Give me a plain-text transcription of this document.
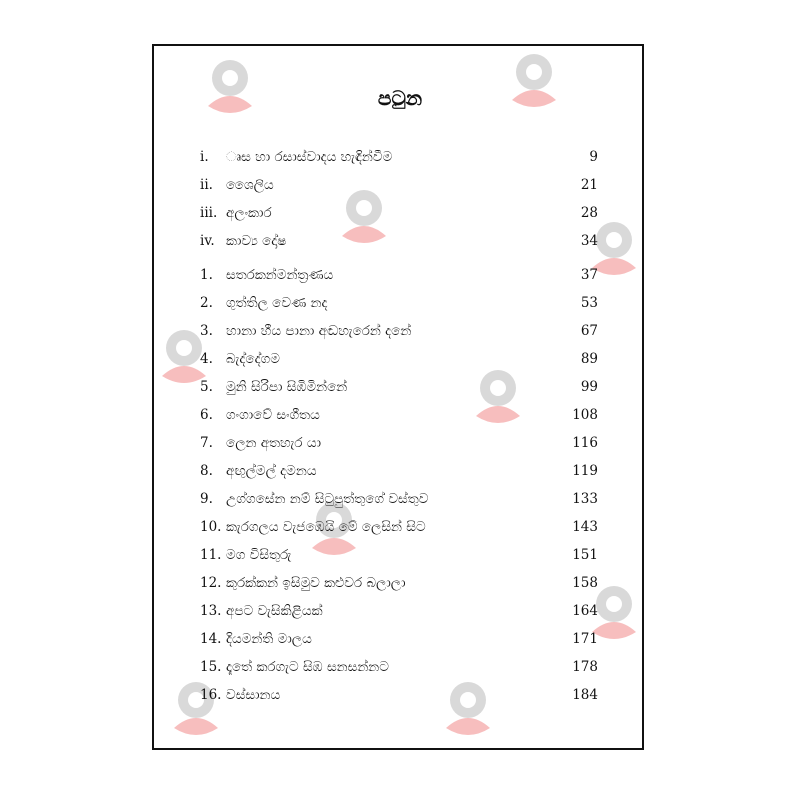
පටුන
i.	ෘස හා රසාස්වාදය හැඳින්වීම	9
ii. ශෛලිය	21
iii. අලංකාර	28
iv. කාව්‍ය දෝෂ	34
1. සතරකන්මන්ත්‍රණය	37
2. ගුත්තිල වෙණ නද	53
3. හානා හීය පානා අඬහැරෙන් දනේ	67
4. බැද්දේගම	89
5. මුනි සිරිපා සිඹිමින්නේ	99
6. ගංගාවේ සංගීතය	108
7. ලෙන අතහැර යා	116
8. අඟුල්මල් දමනය	119
9. උග්ගසේන නම් සිටුපුත්තුගේ වස්තුව	133
10. කැරගලය වැජඹෙයි මේ ලෙසින් සිට	143
11. මග විසිතුරු	151
12. කුරක්කන් ඉසිමුව කළුවර බලාලා	158
13. අපට වැසිකිළියක්	164
14. දියමන්ති මාලය	171
15. දෑතේ කරගැට සිඹ සනසන්නට	178
16. වස්සානය	184
